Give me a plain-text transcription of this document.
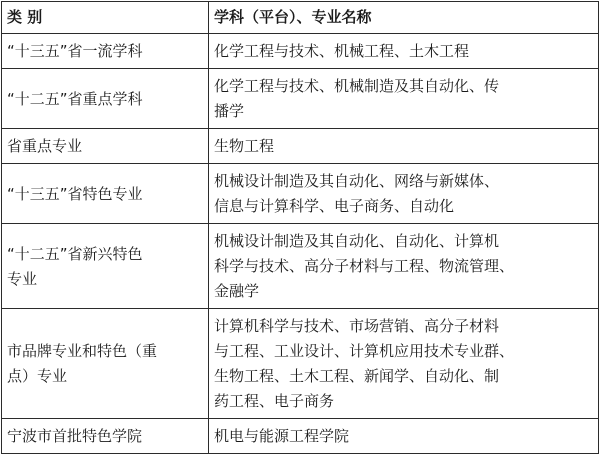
类 别	学科（平台）、专业名称

“十三五”省一流学科	化学工程与技术、机械工程、土木工程

“十二五”省重点学科	化学工程与技术、机械制造及其自动化、传
播学

省重点专业	生物工程

“十三五”省特色专业	机械设计制造及其自动化、网络与新媒体、
信息与计算科学、电子商务、自动化

“十二五”省新兴特色
专业	机械设计制造及其自动化、自动化、计算机
科学与技术、高分子材料与工程、物流管理、
金融学

市品牌专业和特色（重
点）专业	计算机科学与技术、市场营销、高分子材料
与工程、工业设计、计算机应用技术专业群、
生物工程、土木工程、新闻学、自动化、制
药工程、电子商务

宁波市首批特色学院	机电与能源工程学院
